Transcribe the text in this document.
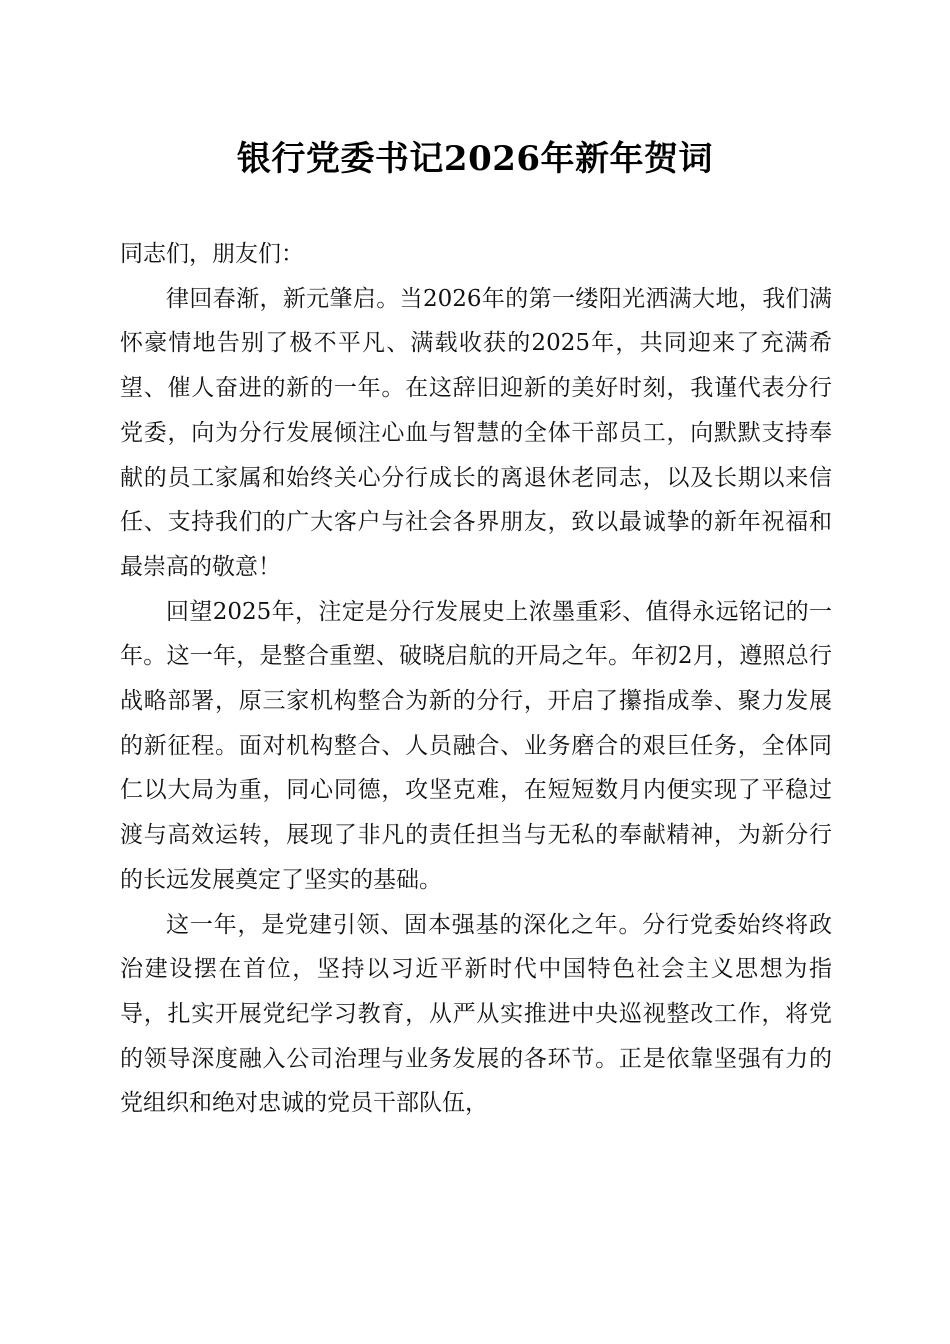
银行党委书记2026年新年贺词

同志们，朋友们：

律回春渐，新元肇启。当2026年的第一缕阳光洒满大地，我们满怀豪情地告别了极不平凡、满载收获的2025年，共同迎来了充满希望、催人奋进的新的一年。在这辞旧迎新的美好时刻，我谨代表分行党委，向为分行发展倾注心血与智慧的全体干部员工，向默默支持奉献的员工家属和始终关心分行成长的离退休老同志，以及长期以来信任、支持我们的广大客户与社会各界朋友，致以最诚挚的新年祝福和最崇高的敬意！

回望2025年，注定是分行发展史上浓墨重彩、值得永远铭记的一年。这一年，是整合重塑、破晓启航的开局之年。年初2月，遵照总行战略部署，原三家机构整合为新的分行，开启了攥指成拳、聚力发展的新征程。面对机构整合、人员融合、业务磨合的艰巨任务，全体同仁以大局为重，同心同德，攻坚克难，在短短数月内便实现了平稳过渡与高效运转，展现了非凡的责任担当与无私的奉献精神，为新分行的长远发展奠定了坚实的基础。

这一年，是党建引领、固本强基的深化之年。分行党委始终将政治建设摆在首位，坚持以习近平新时代中国特色社会主义思想为指导，扎实开展党纪学习教育，从严从实推进中央巡视整改工作，将党的领导深度融入公司治理与业务发展的各环节。正是依靠坚强有力的党组织和绝对忠诚的党员干部队伍，
